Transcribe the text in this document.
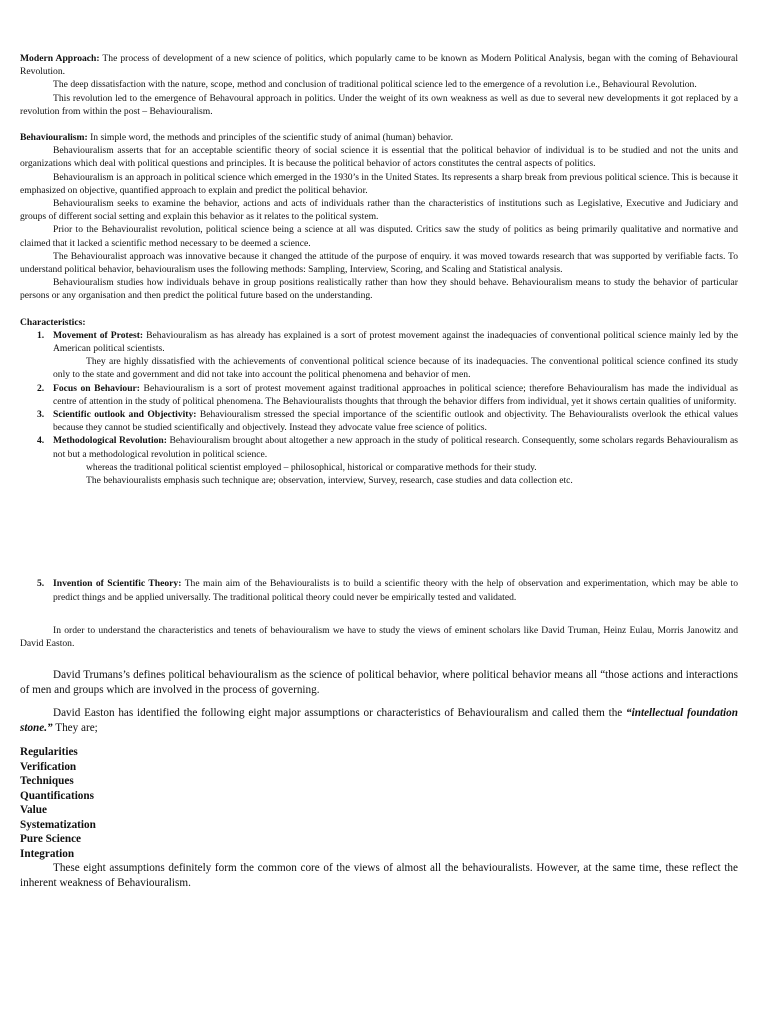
Modern Approach: The process of development of a new science of politics, which popularly came to be known as Modern Political Analysis, began with the coming of Behavioural Revolution.

The deep dissatisfaction with the nature, scope, method and conclusion of traditional political science led to the emergence of a revolution i.e., Behavioural Revolution.

This revolution led to the emergence of Behavoural approach in politics. Under the weight of its own weakness as well as due to several new developments it got replaced by a revolution from within the post – Behaviouralism.

Behaviouralism: In simple word, the methods and principles of the scientific study of animal (human) behavior.

Behaviouralism asserts that for an acceptable scientific theory of social science it is essential that the political behavior of individual is to be studied and not the units and organizations which deal with political questions and principles. It is because the political behavior of actors constitutes the central aspects of politics.

Behaviouralism is an approach in political science which emerged in the 1930’s in the United States. Its represents a sharp break from previous political science. This is because it emphasized on objective, quantified approach to explain and predict the political behavior.

Behaviouralism seeks to examine the behavior, actions and acts of individuals rather than the characteristics of institutions such as Legislative, Executive and Judiciary and groups of different social setting and explain this behavior as it relates to the political system.

Prior to the Behaviouralist revolution, political science being a science at all was disputed. Critics saw the study of politics as being primarily qualitative and normative and claimed that it lacked a scientific method necessary to be deemed a science.

The Behaviouralist approach was innovative because it changed the attitude of the purpose of enquiry. it was moved towards research that was supported by verifiable facts. To understand political behavior, behaviouralism uses the following methods: Sampling, Interview, Scoring, and Scaling and Statistical analysis.

Behaviouralism studies how individuals behave in group positions realistically rather than how they should behave. Behaviouralism means to study the behavior of particular persons or any organisation and then predict the political future based on the understanding.

Characteristics:

1. Movement of Protest: Behaviouralism as has already has explained is a sort of protest movement against the inadequacies of conventional political science mainly led by the American political scientists.

They are highly dissatisfied with the achievements of conventional political science because of its inadequacies. The conventional political science confined its study only to the state and government and did not take into account the political phenomena and behavior of men.

2. Focus on Behaviour: Behaviouralism is a sort of protest movement against traditional approaches in political science; therefore Behaviouralism has made the individual as centre of attention in the study of political phenomena. The Behaviouralists thoughts that through the behavior differs from individual, yet it shows certain qualities of uniformity.

3. Scientific outlook and Objectivity: Behaviouralism stressed the special importance of the scientific outlook and objectivity. The Behaviouralists overlook the ethical values because they cannot be studied scientifically and objectively. Instead they advocate value free science of politics.

4. Methodological Revolution: Behaviouralism brought about altogether a new approach in the study of political research. Consequently, some scholars regards Behaviouralism as not but a methodological revolution in political science.

whereas the traditional political scientist employed – philosophical, historical or comparative methods for their study.

The behaviouralists emphasis such technique are; observation, interview, Survey, research, case studies and data collection etc.

5. Invention of Scientific Theory: The main aim of the Behaviouralists is to build a scientific theory with the help of observation and experimentation, which may be able to predict things and be applied universally. The traditional political theory could never be empirically tested and validated.

In order to understand the characteristics and tenets of behaviouralism we have to study the views of eminent scholars like David Truman, Heinz Eulau, Morris Janowitz and David Easton.

David Trumans’s defines political behaviouralism as the science of political behavior, where political behavior means all “those actions and interactions of men and groups which are involved in the process of governing.

David Easton has identified the following eight major assumptions or characteristics of Behaviouralism and called them the “intellectual foundation stone.” They are;

Regularities
Verification
Techniques
Quantifications
Value
Systematization
Pure Science
Integration

These eight assumptions definitely form the common core of the views of almost all the behaviouralists. However, at the same time, these reflect the inherent weakness of Behaviouralism.
